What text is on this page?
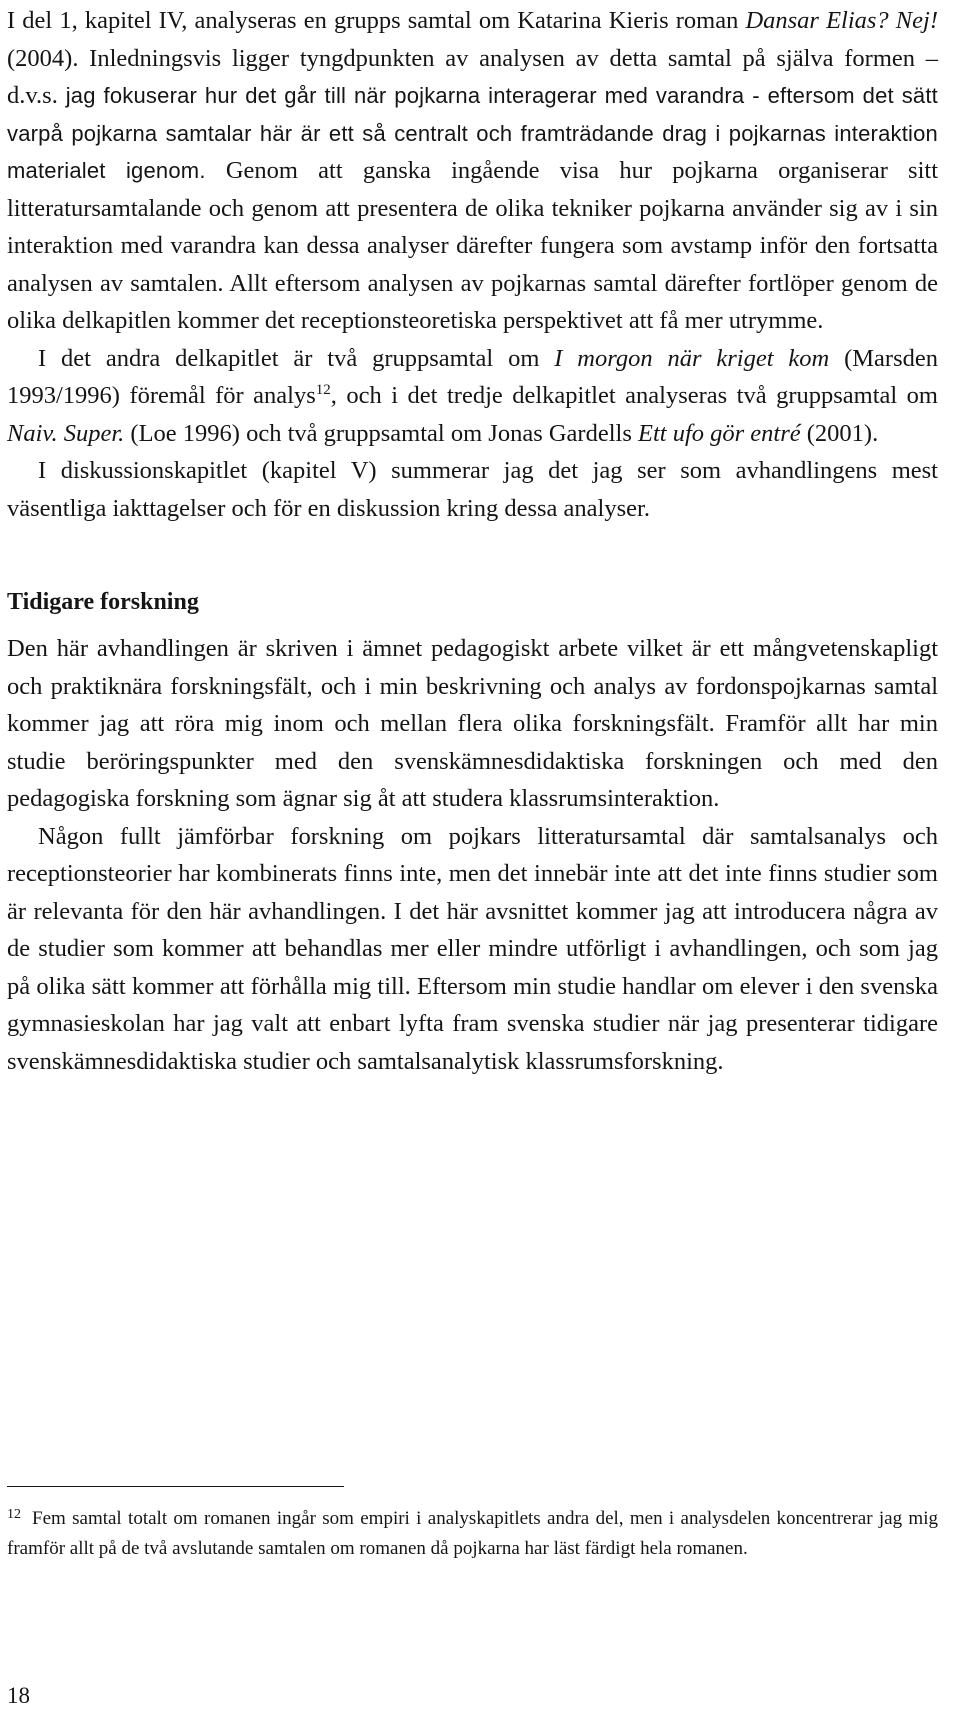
I del 1, kapitel IV, analyseras en grupps samtal om Katarina Kieris roman Dansar Elias? Nej! (2004). Inledningsvis ligger tyngdpunkten av analysen av detta samtal på själva formen – d.v.s. jag fokuserar hur det går till när pojkarna interagerar med varandra - eftersom det sätt varpå pojkarna samtalar här är ett så centralt och framträdande drag i pojkarnas interaktion materialet igenom. Genom att ganska ingående visa hur pojkarna organiserar sitt litteratursamtalande och genom att presentera de olika tekniker pojkarna använder sig av i sin interaktion med varandra kan dessa analyser därefter fungera som avstamp inför den fortsatta analysen av samtalen. Allt eftersom analysen av pojkarnas samtal därefter fortlöper genom de olika delkapitlen kommer det receptionsteoretiska perspektivet att få mer utrymme.

I det andra delkapitlet är två gruppsamtal om I morgon när kriget kom (Marsden 1993/1996) föremål för analys$^{12}$, och i det tredje delkapitlet analyseras två gruppsamtal om Naiv. Super. (Loe 1996) och två gruppsamtal om Jonas Gardells Ett ufo gör entré (2001).

I diskussionskapitlet (kapitel V) summerar jag det jag ser som avhandlingens mest väsentliga iakttagelser och för en diskussion kring dessa analyser.

Tidigare forskning

Den här avhandlingen är skriven i ämnet pedagogiskt arbete vilket är ett mångvetenskapligt och praktiknära forskningsfält, och i min beskrivning och analys av fordonspojkarnas samtal kommer jag att röra mig inom och mellan flera olika forskningsfält. Framför allt har min studie beröringspunkter med den svenskämnesdidaktiska forskningen och med den pedagogiska forskning som ägnar sig åt att studera klassrumsinteraktion.

Någon fullt jämförbar forskning om pojkars litteratursamtal där samtalsanalys och receptionsteorier har kombinerats finns inte, men det innebär inte att det inte finns studier som är relevanta för den här avhandlingen. I det här avsnittet kommer jag att introducera några av de studier som kommer att behandlas mer eller mindre utförligt i avhandlingen, och som jag på olika sätt kommer att förhålla mig till. Eftersom min studie handlar om elever i den svenska gymnasieskolan har jag valt att enbart lyfta fram svenska studier när jag presenterar tidigare svenskämnesdidaktiska studier och samtalsanalytisk klassrumsforskning.

$^{12}$ Fem samtal totalt om romanen ingår som empiri i analyskapitlets andra del, men i analysdelen koncentrerar jag mig framför allt på de två avslutande samtalen om romanen då pojkarna har läst färdigt hela romanen.
18
